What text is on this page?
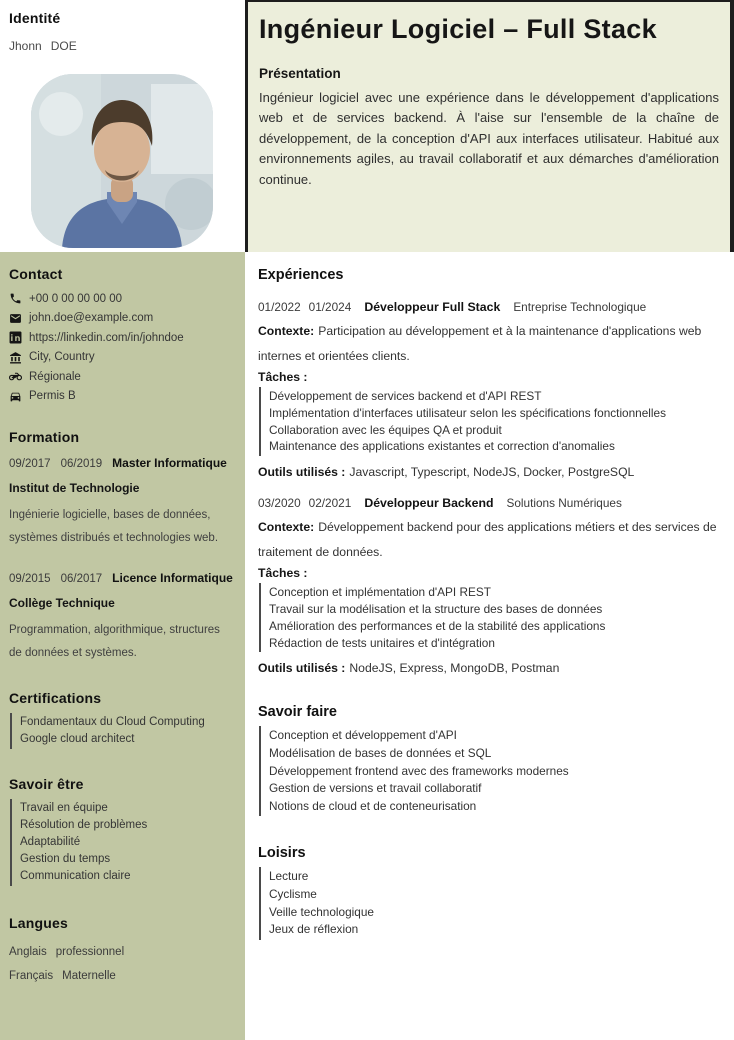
Identité
Jhonn DOE
Contact
+00 0 00 00 00 00
john.doe@example.com
https://linkedin.com/in/johndoe
City, Country
Régionale
Permis B
Formation
09/2017 06/2019 Master Informatique
Institut de Technologie
Ingénierie logicielle, bases de données, systèmes distribués et technologies web.
09/2015 06/2017 Licence Informatique
Collège Technique
Programmation, algorithmique, structures de données et systèmes.
Certifications
Fondamentaux du Cloud Computing
Google cloud architect
Savoir être
Travail en équipe
Résolution de problèmes
Adaptabilité
Gestion du temps
Communication claire
Langues
Anglais professionnel
Français Maternelle
Ingénieur Logiciel – Full Stack
Présentation

Ingénieur logiciel avec une expérience dans le développement d'applications web et de services backend. À l'aise sur l'ensemble de la chaîne de développement, de la conception d'API aux interfaces utilisateur. Habitué aux environnements agiles, au travail collaboratif et aux démarches d'amélioration continue.

Expériences
01/2022 01/2024 Développeur Full Stack Entreprise Technologique

Contexte: Participation au développement et à la maintenance d'applications web internes et orientées clients.

Tâches :
Développement de services backend et d'API REST
Implémentation d'interfaces utilisateur selon les spécifications fonctionnelles
Collaboration avec les équipes QA et produit
Maintenance des applications existantes et correction d'anomalies

Outils utilisés : Javascript, Typescript, NodeJS, Docker, PostgreSQL

03/2020 02/2021 Développeur Backend Solutions Numériques

Contexte: Développement backend pour des applications métiers et des services de traitement de données.

Tâches :
Conception et implémentation d'API REST
Travail sur la modélisation et la structure des bases de données
Amélioration des performances et de la stabilité des applications
Rédaction de tests unitaires et d'intégration

Outils utilisés : NodeJS, Express, MongoDB, Postman

Savoir faire
Conception et développement d'API
Modélisation de bases de données et SQL
Développement frontend avec des frameworks modernes
Gestion de versions et travail collaboratif
Notions de cloud et de conteneurisation
Loisirs
Lecture
Cyclisme
Veille technologique
Jeux de réflexion
